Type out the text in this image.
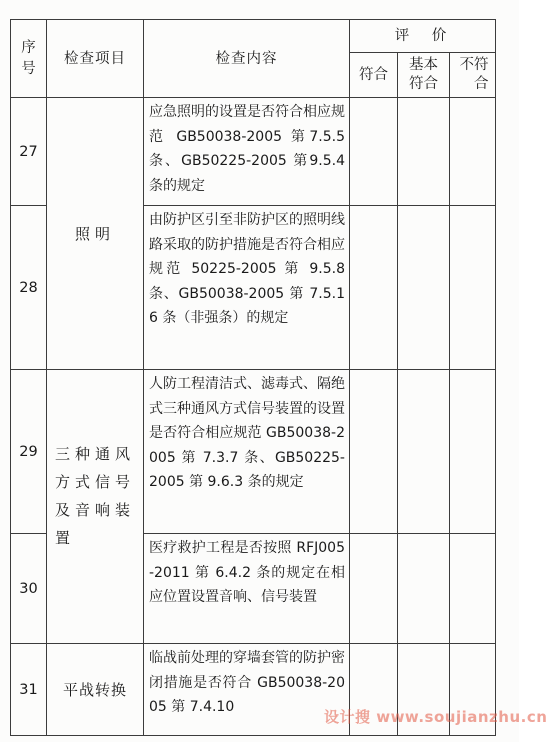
序号	检查项目	检查内容	评　价		
			符合	基本符合	不符合

27	照明	应急照明的设置是否符合相应规范 GB50038-2005 第7.5.5 条、GB50225-2005 第9.5.4 条的规定			
28		由防护区引至非防护区的照明线路采取的防护措施是否符合相应规范 50225-2005 第 9.5.8 条、GB50038-2005 第 7.5.16 条（非强条）的规定			
29	三种通风方式信号及音响装置	人防工程清洁式、滤毒式、隔绝式三种通风方式信号装置的设置是否符合相应规范 GB50038-2005 第 7.3.7 条、GB50225-2005 第 9.6.3 条的规定			
30		医疗救护工程是否按照 RFJ005-2011 第 6.4.2 条的规定在相应位置设置音响、信号装置			
31	平战转换	临战前处理的穿墙套管的防护密闭措施是否符合 GB50038-2005 第 7.4.10			
设计搜 www.soujianzhu.cn
